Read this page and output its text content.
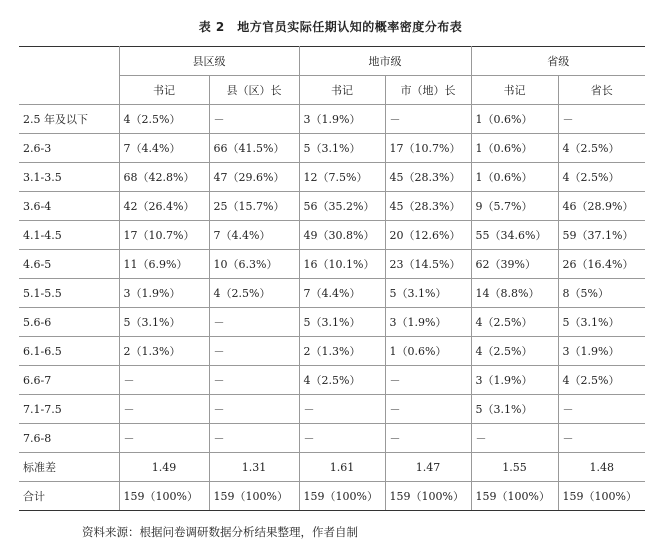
表 2　地方官员实际任期认知的概率密度分布表
	县区级		地市级		省级	
	书记	县（区）长	书记	市（地）长	书记	省长
2.5 年及以下	4（2.5%）	－	3（1.9%）	－	1（0.6%）	－
2.6-3	7（4.4%）	66（41.5%）	5（3.1%）	17（10.7%）	1（0.6%）	4（2.5%）
3.1-3.5	68（42.8%）	47（29.6%）	12（7.5%）	45（28.3%）	1（0.6%）	4（2.5%）
3.6-4	42（26.4%）	25（15.7%）	56（35.2%）	45（28.3%）	9（5.7%）	46（28.9%）
4.1-4.5	17（10.7%）	7（4.4%）	49（30.8%）	20（12.6%）	55（34.6%）	59（37.1%）
4.6-5	11（6.9%）	10（6.3%）	16（10.1%）	23（14.5%）	62（39%）	26（16.4%）
5.1-5.5	3（1.9%）	4（2.5%）	7（4.4%）	5（3.1%）	14（8.8%）	8（5%）
5.6-6	5（3.1%）	－	5（3.1%）	3（1.9%）	4（2.5%）	5（3.1%）
6.1-6.5	2（1.3%）	－	2（1.3%）	1（0.6%）	4（2.5%）	3（1.9%）
6.6-7	－	－	4（2.5%）	－	3（1.9%）	4（2.5%）
7.1-7.5	－	－	－	－	5（3.1%）	－
7.6-8	－	－	－	－	－	－
标准差	1.49	1.31	1.61	1.47	1.55	1.48
合计	159（100%）	159（100%）	159（100%）	159（100%）	159（100%）	159（100%）
资料来源：根据问卷调研数据分析结果整理，作者自制
